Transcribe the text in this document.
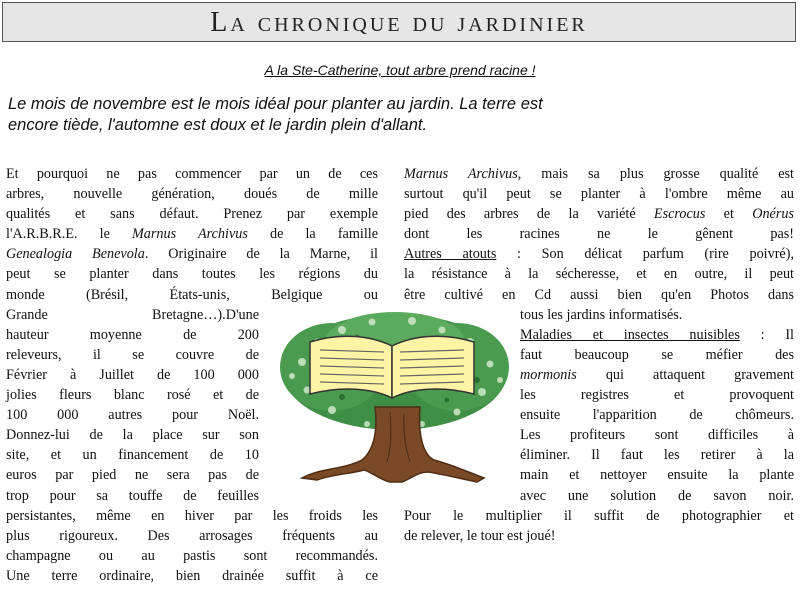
La chronique du jardinier
A la Ste-Catherine, tout arbre prend racine !
Le mois de novembre est le mois idéal pour planter au jardin. La terre est
encore tiède, l'automne est doux et le jardin plein d'allant.
Et pourquoi ne pas commencer par un de ces
arbres, nouvelle génération, doués de mille
qualités et sans défaut. Prenez par exemple
l'A.R.B.R.E. le Marnus Archivus de la famille
Genealogia Benevola. Originaire de la Marne, il
peut se planter dans toutes les régions du
monde (Brésil, États-unis, Belgique ou
Grande Bretagne…).D'une
hauteur moyenne de 200
releveurs, il se couvre de
Février à Juillet de 100 000
jolies fleurs blanc rosé et de
100 000 autres pour Noël.
Donnez-lui de la place sur son
site, et un financement de 10
euros par pied ne sera pas de
trop pour sa touffe de feuilles
persistantes, même en hiver par les froids les
plus rigoureux. Des arrosages fréquents au
champagne ou au pastis sont recommandés.
Une terre ordinaire, bien drainée suffit à ce
Marnus Archivus, mais sa plus grosse qualité est
surtout qu'il peut se planter à l'ombre même au
pied des arbres de la variété Escrocus et Onérus
dont les racines ne le gênent pas!
Autres atouts : Son délicat parfum (rire poivré),
la résistance à la sécheresse, et en outre, il peut
être cultivé en Cd aussi bien qu'en Photos dans
tous les jardins informatisés.
Maladies et insectes nuisibles : Il
faut beaucoup se méfier des
mormonis qui attaquent gravement
les registres et provoquent
ensuite l'apparition de chômeurs.
Les profiteurs sont difficiles à
éliminer. Il faut les retirer à la
main et nettoyer ensuite la plante
avec une solution de savon noir.
Pour le multiplier il suffit de photographier et
de relever, le tour est joué!
